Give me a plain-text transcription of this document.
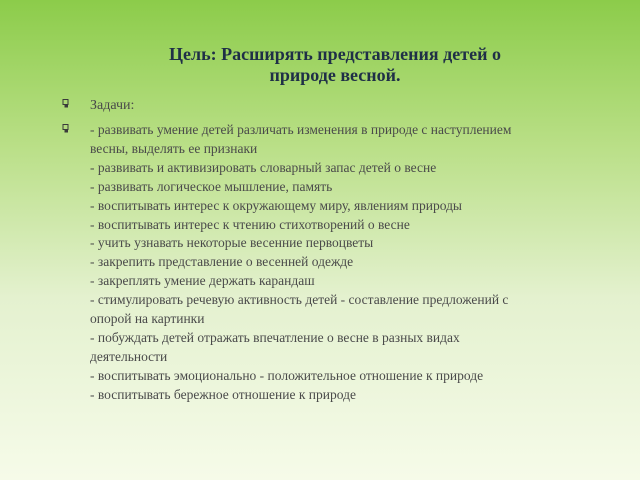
Цель: Расширять представления детей о
природе весной.
Задачи:
- развивать умение детей различать изменения в природе с наступлением
весны, выделять ее признаки
- развивать и активизировать словарный запас детей о весне
- развивать логическое мышление, память
- воспитывать интерес к окружающему миру, явлениям природы
- воспитывать интерес к чтению стихотворений о весне
- учить узнавать некоторые весенние первоцветы
- закрепить представление о весенней одежде
- закреплять умение держать карандаш
- стимулировать речевую активность детей - составление предложений с
опорой на картинки
- побуждать детей отражать впечатление о весне в разных видах
деятельности
- воспитывать эмоционально - положительное отношение к природе
- воспитывать бережное отношение к природе
